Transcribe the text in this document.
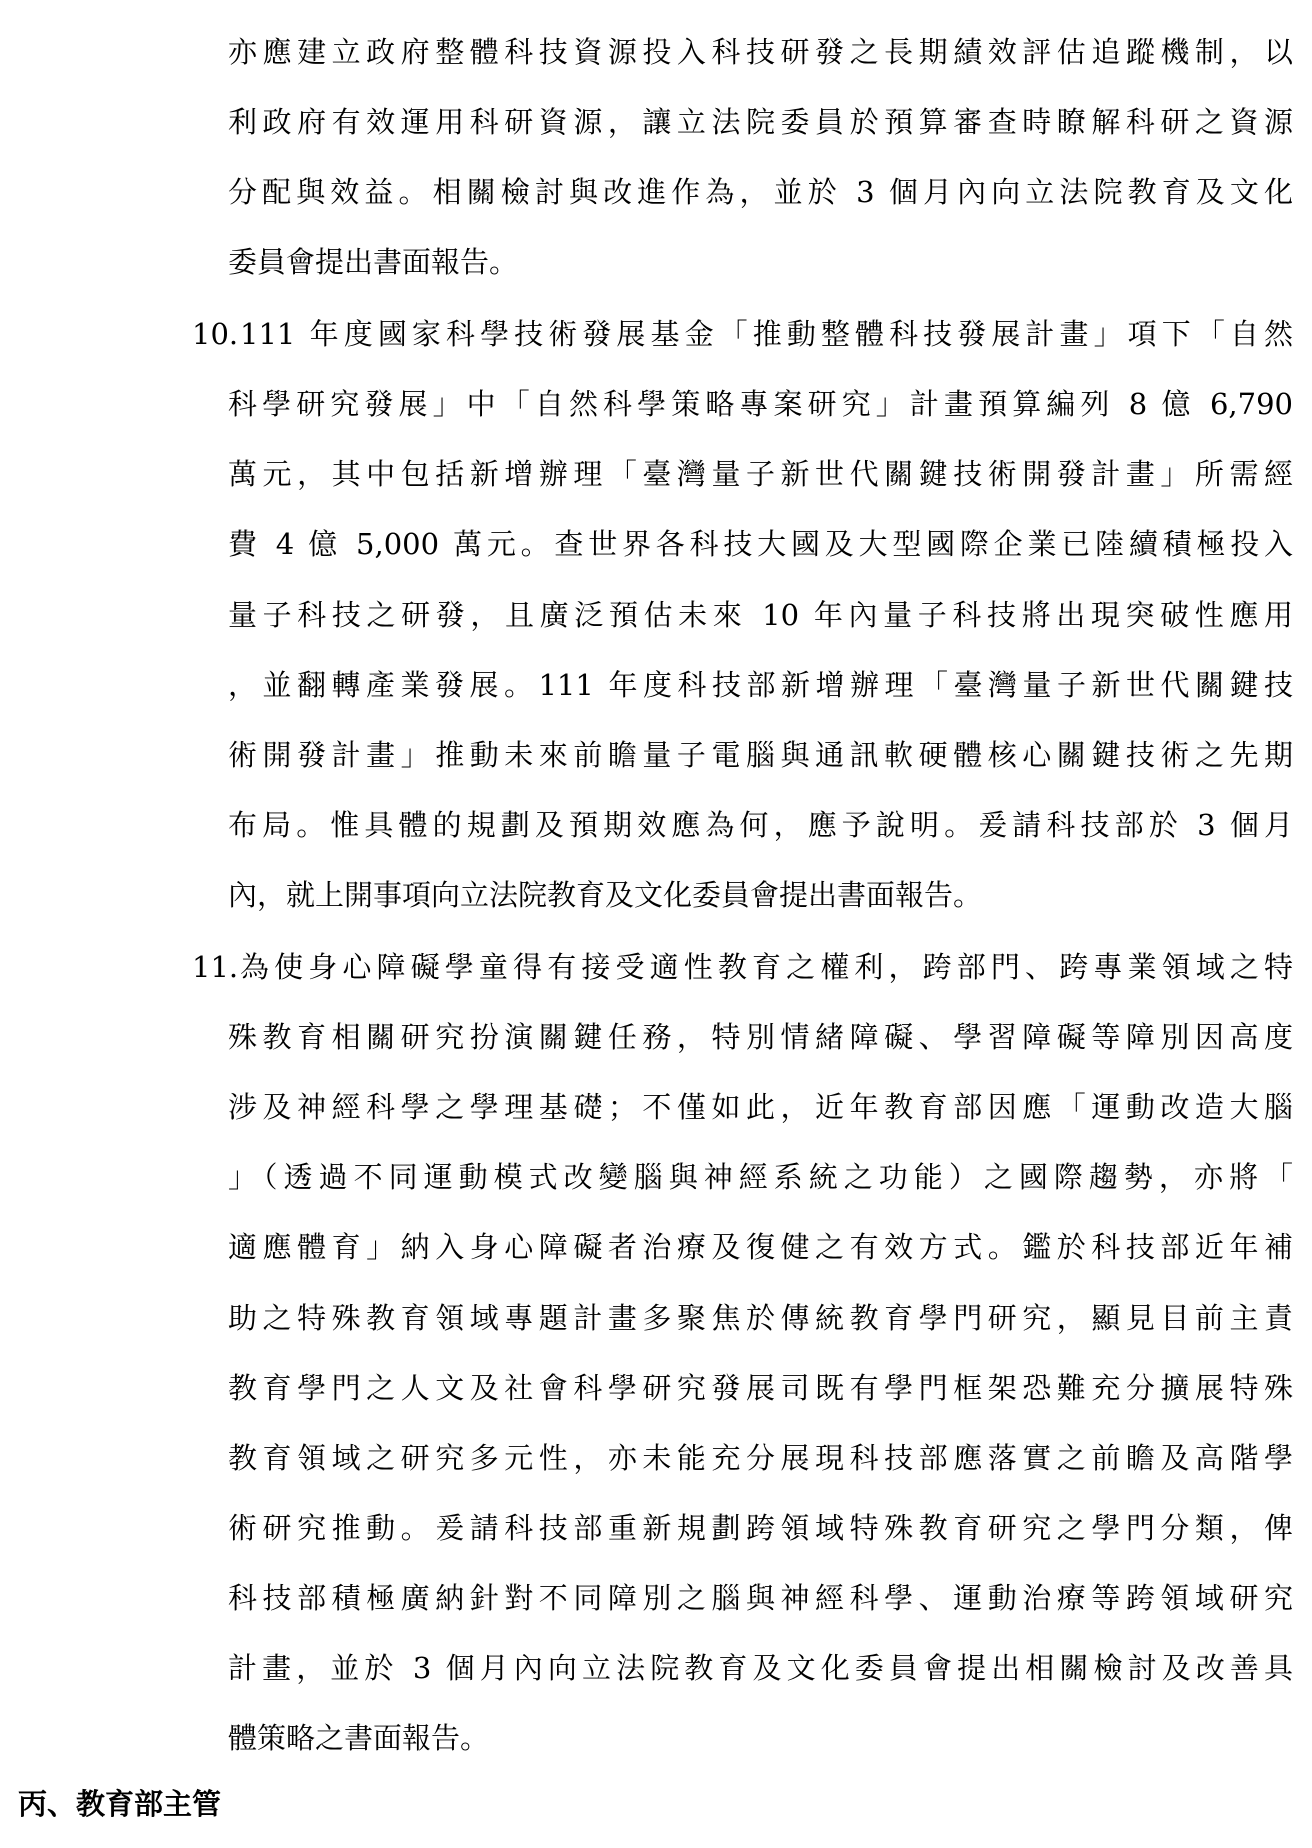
亦應建立政府整體科技資源投入科技研發之長期績效評估追蹤機制，以
利政府有效運用科研資源，讓立法院委員於預算審查時瞭解科研之資源
分配與效益。相關檢討與改進作為，並於 3 個月內向立法院教育及文化
委員會提出書面報告。
10. 111 年度國家科學技術發展基金「推動整體科技發展計畫」項下「自然
科學研究發展」中「自然科學策略專案研究」計畫預算編列 8 億 6,790
萬元，其中包括新增辦理「臺灣量子新世代關鍵技術開發計畫」所需經
費 4 億 5,000 萬元。查世界各科技大國及大型國際企業已陸續積極投入
量子科技之研發，且廣泛預估未來 10 年內量子科技將出現突破性應用
，並翻轉產業發展。111 年度科技部新增辦理「臺灣量子新世代關鍵技
術開發計畫」推動未來前瞻量子電腦與通訊軟硬體核心關鍵技術之先期
布局。惟具體的規劃及預期效應為何，應予說明。爰請科技部於 3 個月
內，就上開事項向立法院教育及文化委員會提出書面報告。
11. 為使身心障礙學童得有接受適性教育之權利，跨部門、跨專業領域之特
殊教育相關研究扮演關鍵任務，特別情緒障礙、學習障礙等障別因高度
涉及神經科學之學理基礎；不僅如此，近年教育部因應「運動改造大腦
」（透過不同運動模式改變腦與神經系統之功能）之國際趨勢，亦將「
適應體育」納入身心障礙者治療及復健之有效方式。鑑於科技部近年補
助之特殊教育領域專題計畫多聚焦於傳統教育學門研究，顯見目前主責
教育學門之人文及社會科學研究發展司既有學門框架恐難充分擴展特殊
教育領域之研究多元性，亦未能充分展現科技部應落實之前瞻及高階學
術研究推動。爰請科技部重新規劃跨領域特殊教育研究之學門分類，俾
科技部積極廣納針對不同障別之腦與神經科學、運動治療等跨領域研究
計畫，並於 3 個月內向立法院教育及文化委員會提出相關檢討及改善具
體策略之書面報告。
丙、教育部主管
